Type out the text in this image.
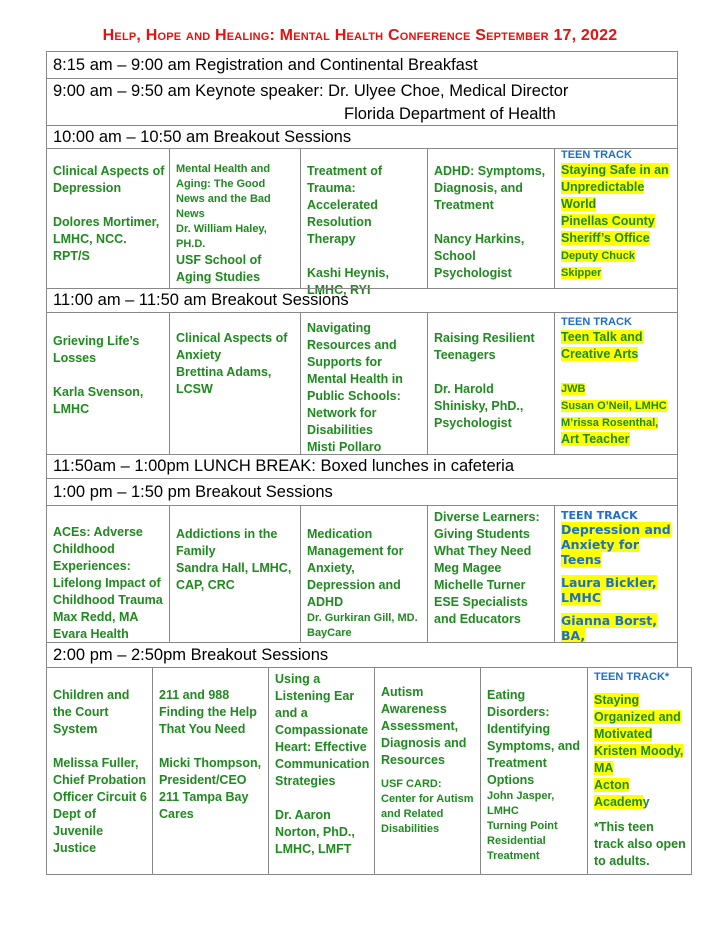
Help, Hope and Healing: Mental Health Conference September 17, 2022
8:15 am – 9:00 am Registration and Continental Breakfast
9:00 am – 9:50 am Keynote speaker: Dr. Ulyee Choe, Medical Director
Florida Department of Health
10:00 am – 10:50 am Breakout Sessions
Clinical Aspects of Depression
Dolores Mortimer, LMHC, NCC. RPT/S
Mental Health and Aging: The Good News and the Bad News
Dr. William Haley, PH.D.
USF School of Aging Studies
Treatment of Trauma: Accelerated Resolution Therapy
Kashi Heynis, LMHC, RYI
ADHD: Symptoms, Diagnosis, and Treatment
Nancy Harkins, School Psychologist
TEEN TRACK
Staying Safe in an Unpredictable World
Pinellas County Sheriff’s Office
Deputy Chuck Skipper
11:00 am – 11:50 am Breakout Sessions
Grieving Life’s Losses
Karla Svenson, LMHC
Clinical Aspects of Anxiety
Brettina Adams, LCSW
Navigating Resources and Supports for Mental Health in Public Schools: Network for Disabilities
Misti Pollaro
Raising Resilient Teenagers
Dr. Harold Shinisky, PhD., Psychologist
TEEN TRACK
Teen Talk and Creative Arts
JWB
Susan O’Neil, LMHC
M’rissa Rosenthal,
Art Teacher
11:50am – 1:00pm LUNCH BREAK: Boxed lunches in cafeteria
1:00 pm – 1:50 pm Breakout Sessions
ACEs: Adverse Childhood Experiences: Lifelong Impact of Childhood Trauma
Max Redd, MA
Evara Health
Addictions in the Family
Sandra Hall, LMHC, CAP, CRC
Medication Management for Anxiety, Depression and ADHD
Dr. Gurkiran Gill, MD. BayCare
Diverse Learners: Giving Students What They Need
Meg Magee
Michelle Turner
ESE Specialists and Educators
TEEN TRACK
Depression and Anxiety for Teens
Laura Bickler, LMHC
Gianna Borst, BA,
2:00 pm – 2:50pm Breakout Sessions
Children and the Court System
Melissa Fuller, Chief Probation Officer Circuit 6 Dept of Juvenile Justice
211 and 988 Finding the Help That You Need
Micki Thompson, President/CEO 211 Tampa Bay Cares
Using a Listening Ear and a Compassionate Heart: Effective Communication Strategies
Dr. Aaron Norton, PhD., LMHC, LMFT
Autism Awareness Assessment, Diagnosis and Resources
USF CARD: Center for Autism and Related Disabilities
Eating Disorders: Identifying Symptoms, and Treatment Options
John Jasper, LMHC
Turning Point Residential Treatment
TEEN TRACK*
Staying Organized and Motivated
Kristen Moody, MA
Acton Academy
*This teen track also open to adults.
